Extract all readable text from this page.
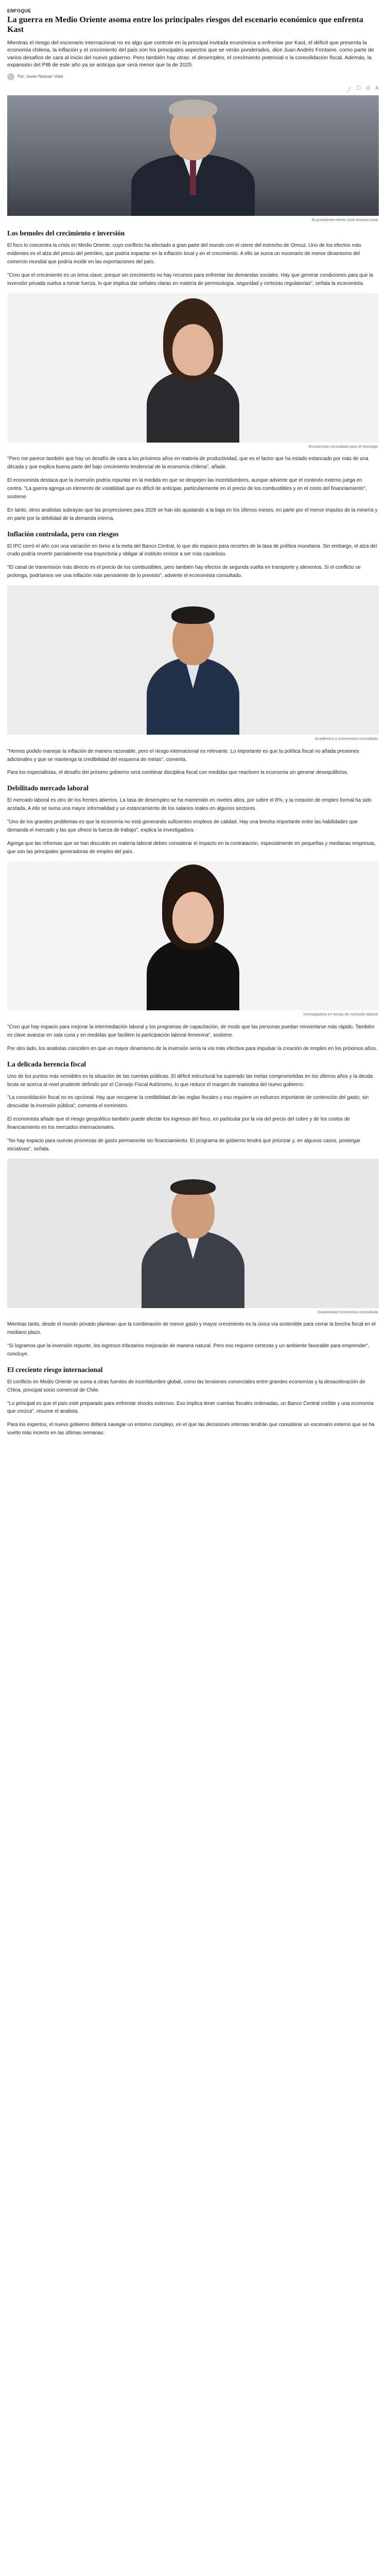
ENFOQUE
La guerra en Medio Oriente asoma entre los principales riesgos del escenario económico que enfrenta Kast

Mientras el riesgo del escenario internacional no es algo que controle en la principal invitada económica a enfrentar por Kast, el déficit que presenta la economía chilena, la inflación y el crecimiento del país son los principales aspectos que se verán ponderados, dice Juan Andrés Fontaine, como parte de varios desafíos de cara al inicio del nuevo gobierno. Pero también hay otras: el desempleo, el crecimiento potencial o la consolidación fiscal. Además, la expansión del PIB de este año ya se anticipa que será menor que la de 2025.

Por: Javier Nestuer Vidal
⤴ ☐ ⎙ A
El presidente electo José Antonio Kast.
Los bemoles del crecimiento e inversión

El foco lo concentra la crisis en Medio Oriente, cuyo conflicto ha afectado a gran parte del mundo con el cierre del estrecho de Ormuz. Uno de los efectos más evidentes es el alza del precio del petróleo, que podría impactar en la inflación local y en el crecimiento. A ello se suma un escenario de menor dinamismo del comercio mundial que podría incidir en las exportaciones del país.

"Creo que el crecimiento es un tema clave, porque sin crecimiento no hay recursos para enfrentar las demandas sociales. Hay que generar condiciones para que la inversión privada vuelva a tomar fuerza, lo que implica dar señales claras en materia de permisología, seguridad y certezas regulatorias", señala la economista.

Economista consultada para el reportaje.

"Pero me parece también que hay un desafío de cara a los próximos años en materia de productividad, que es el factor que ha estado estancado por más de una década y que explica buena parte del bajo crecimiento tendencial de la economía chilena", añade.

El economista destaca que la inversión podría repuntar en la medida en que se despejen las incertidumbres, aunque advierte que el contexto externo juega en contra. "La guerra agrega un elemento de volatilidad que es difícil de anticipar, particularmente en el precio de los combustibles y en el costo del financiamiento", sostiene.

En tanto, otros analistas subrayan que las proyecciones para 2026 se han ido ajustando a la baja en los últimos meses, en parte por el menor impulso de la minería y en parte por la debilidad de la demanda interna.

Inflación controlada, pero con riesgos

El IPC cerró el año con una variación en torno a la meta del Banco Central, lo que dio espacio para recortes de la tasa de política monetaria. Sin embargo, el alza del crudo podría revertir parcialmente esa trayectoria y obligar al instituto emisor a ser más cauteloso.

"El canal de transmisión más directo es el precio de los combustibles, pero también hay efectos de segunda vuelta en transporte y alimentos. Si el conflicto se prolonga, podríamos ver una inflación más persistente de lo previsto", advierte el economista consultado.

Académico y economista consultado.

"Hemos podido manejar la inflación de manera razonable, pero el riesgo internacional es relevante. Lo importante es que la política fiscal no añada presiones adicionales y que se mantenga la credibilidad del esquema de metas", comenta.

Para los especialistas, el desafío del próximo gobierno será combinar disciplina fiscal con medidas que reactiven la economía sin generar desequilibrios.

Debilitado mercado laboral

El mercado laboral es otro de los frentes abiertos. La tasa de desempleo se ha mantenido en niveles altos, por sobre el 8%, y la creación de empleo formal ha sido acotada. A ello se suma una mayor informalidad y un estancamiento de los salarios reales en algunos sectores.

"Uno de los grandes problemas es que la economía no está generando suficientes empleos de calidad. Hay una brecha importante entre las habilidades que demanda el mercado y las que ofrece la fuerza de trabajo", explica la investigadora.

Agrega que las reformas que se han discutido en materia laboral deben considerar el impacto en la contratación, especialmente en pequeñas y medianas empresas, que son las principales generadoras de empleo del país.

Investigadora en temas de mercado laboral.

"Creo que hay espacio para mejorar la intermediación laboral y los programas de capacitación, de modo que las personas puedan reinsertarse más rápido. También es clave avanzar en sala cuna y en medidas que faciliten la participación laboral femenina", sostiene.

Por otro lado, los analistas coinciden en que un mayor dinamismo de la inversión sería la vía más efectiva para impulsar la creación de empleo en los próximos años.

La delicada herencia fiscal

Uno de los puntos más sensibles es la situación de las cuentas públicas. El déficit estructural ha superado las metas comprometidas en los últimos años y la deuda bruta se acerca al nivel prudente definido por el Consejo Fiscal Autónomo, lo que reduce el margen de maniobra del nuevo gobierno.

"La consolidación fiscal no es opcional. Hay que recuperar la credibilidad de las reglas fiscales y eso requiere un esfuerzo importante de contención del gasto, sin descuidar la inversión pública", comenta el exministro.

El economista añade que el riesgo geopolítico también puede afectar los ingresos del fisco, en particular por la vía del precio del cobre y de los costos de financiamiento en los mercados internacionales.

"No hay espacio para nuevas promesas de gasto permanente sin financiamiento. El programa de gobierno tendrá que priorizar y, en algunos casos, postergar iniciativas", señala.

Exautoridad económica consultada.

Mientras tanto, desde el mundo privado plantean que la combinación de menor gasto y mayor crecimiento es la única vía sostenible para cerrar la brecha fiscal en el mediano plazo.

"Si logramos que la inversión repunte, los ingresos tributarios mejorarán de manera natural. Pero eso requiere certezas y un ambiente favorable para emprender", concluye.

El creciente riesgo internacional

El conflicto en Medio Oriente se suma a otras fuentes de incertidumbre global, como las tensiones comerciales entre grandes economías y la desaceleración de China, principal socio comercial de Chile.

"Lo principal es que el país esté preparado para enfrentar shocks externos. Eso implica tener cuentas fiscales ordenadas, un Banco Central creíble y una economía que crezca", resume el analista.

Para los expertos, el nuevo gobierno deberá navegar un entorno complejo, en el que las decisiones internas tendrán que considerar un escenario externo que se ha vuelto más incierto en las últimas semanas.
